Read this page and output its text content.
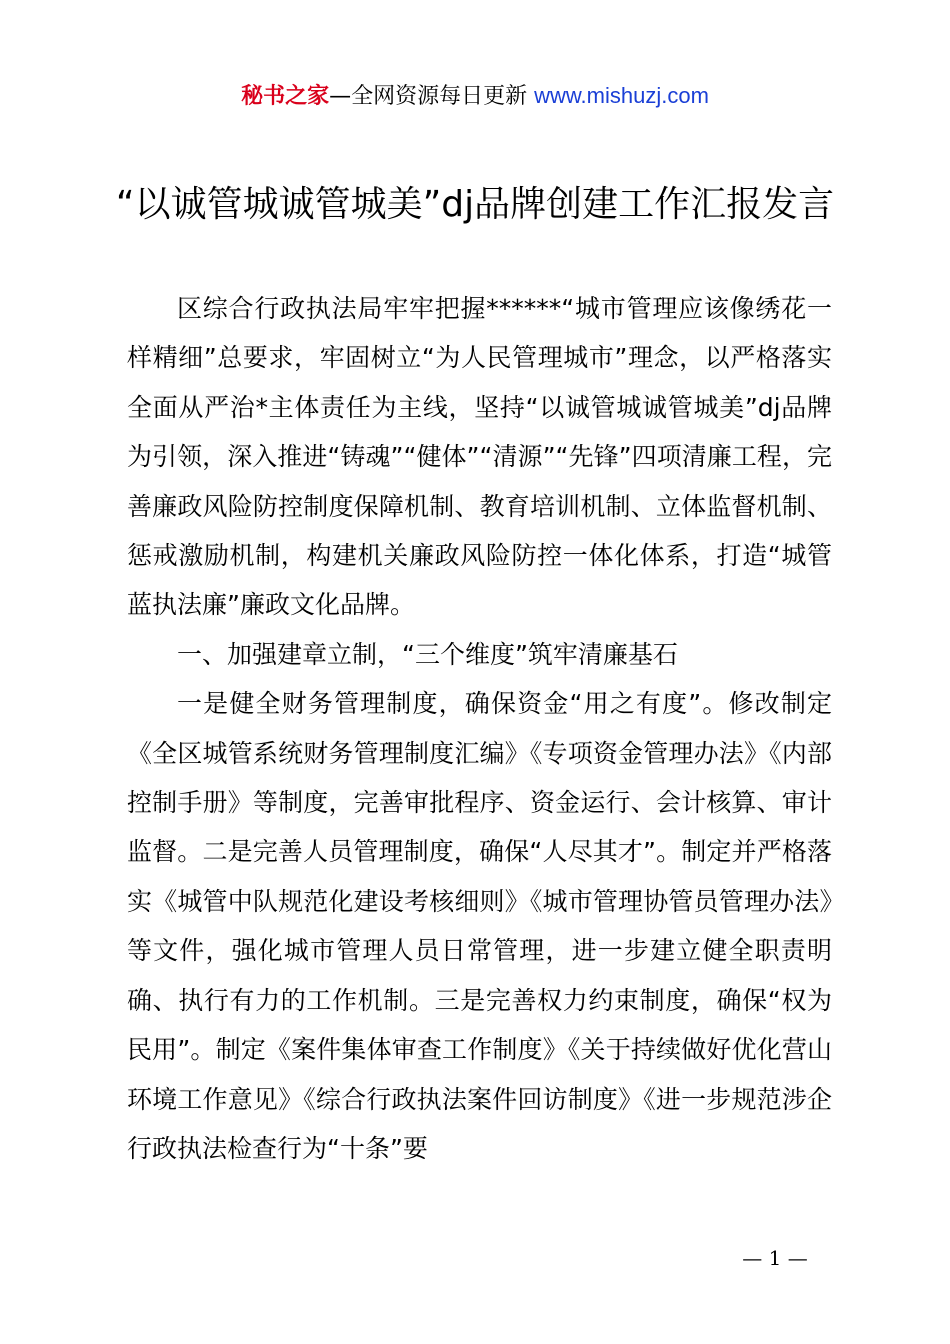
秘书之家—全网资源每日更新 www.mishuzj.com
“以诚管城诚管城美”dj品牌创建工作汇报发言

区综合行政执法局牢牢把握******“城市管理应该像绣花一样精细”总要求，牢固树立“为人民管理城市”理念，以严格落实全面从严治*主体责任为主线，坚持“以诚管城诚管城美”dj品牌为引领，深入推进“铸魂”“健体”“清源”“先锋”四项清廉工程，完善廉政风险防控制度保障机制、教育培训机制、立体监督机制、惩戒激励机制，构建机关廉政风险防控一体化体系，打造“城管蓝执法廉”廉政文化品牌。

一、加强建章立制，“三个维度”筑牢清廉基石

一是健全财务管理制度，确保资金“用之有度”。修改制定《全区城管系统财务管理制度汇编》《专项资金管理办法》《内部控制手册》等制度，完善审批程序、资金运行、会计核算、审计监督。二是完善人员管理制度，确保“人尽其才”。制定并严格落实《城管中队规范化建设考核细则》《城市管理协管员管理办法》等文件，强化城市管理人员日常管理，进一步建立健全职责明确、执行有力的工作机制。三是完善权力约束制度，确保“权为民用”。制定《案件集体审查工作制度》《关于持续做好优化营山环境工作意见》《综合行政执法案件回访制度》《进一步规范涉企行政执法检查行为“十条”要

— 1 —
